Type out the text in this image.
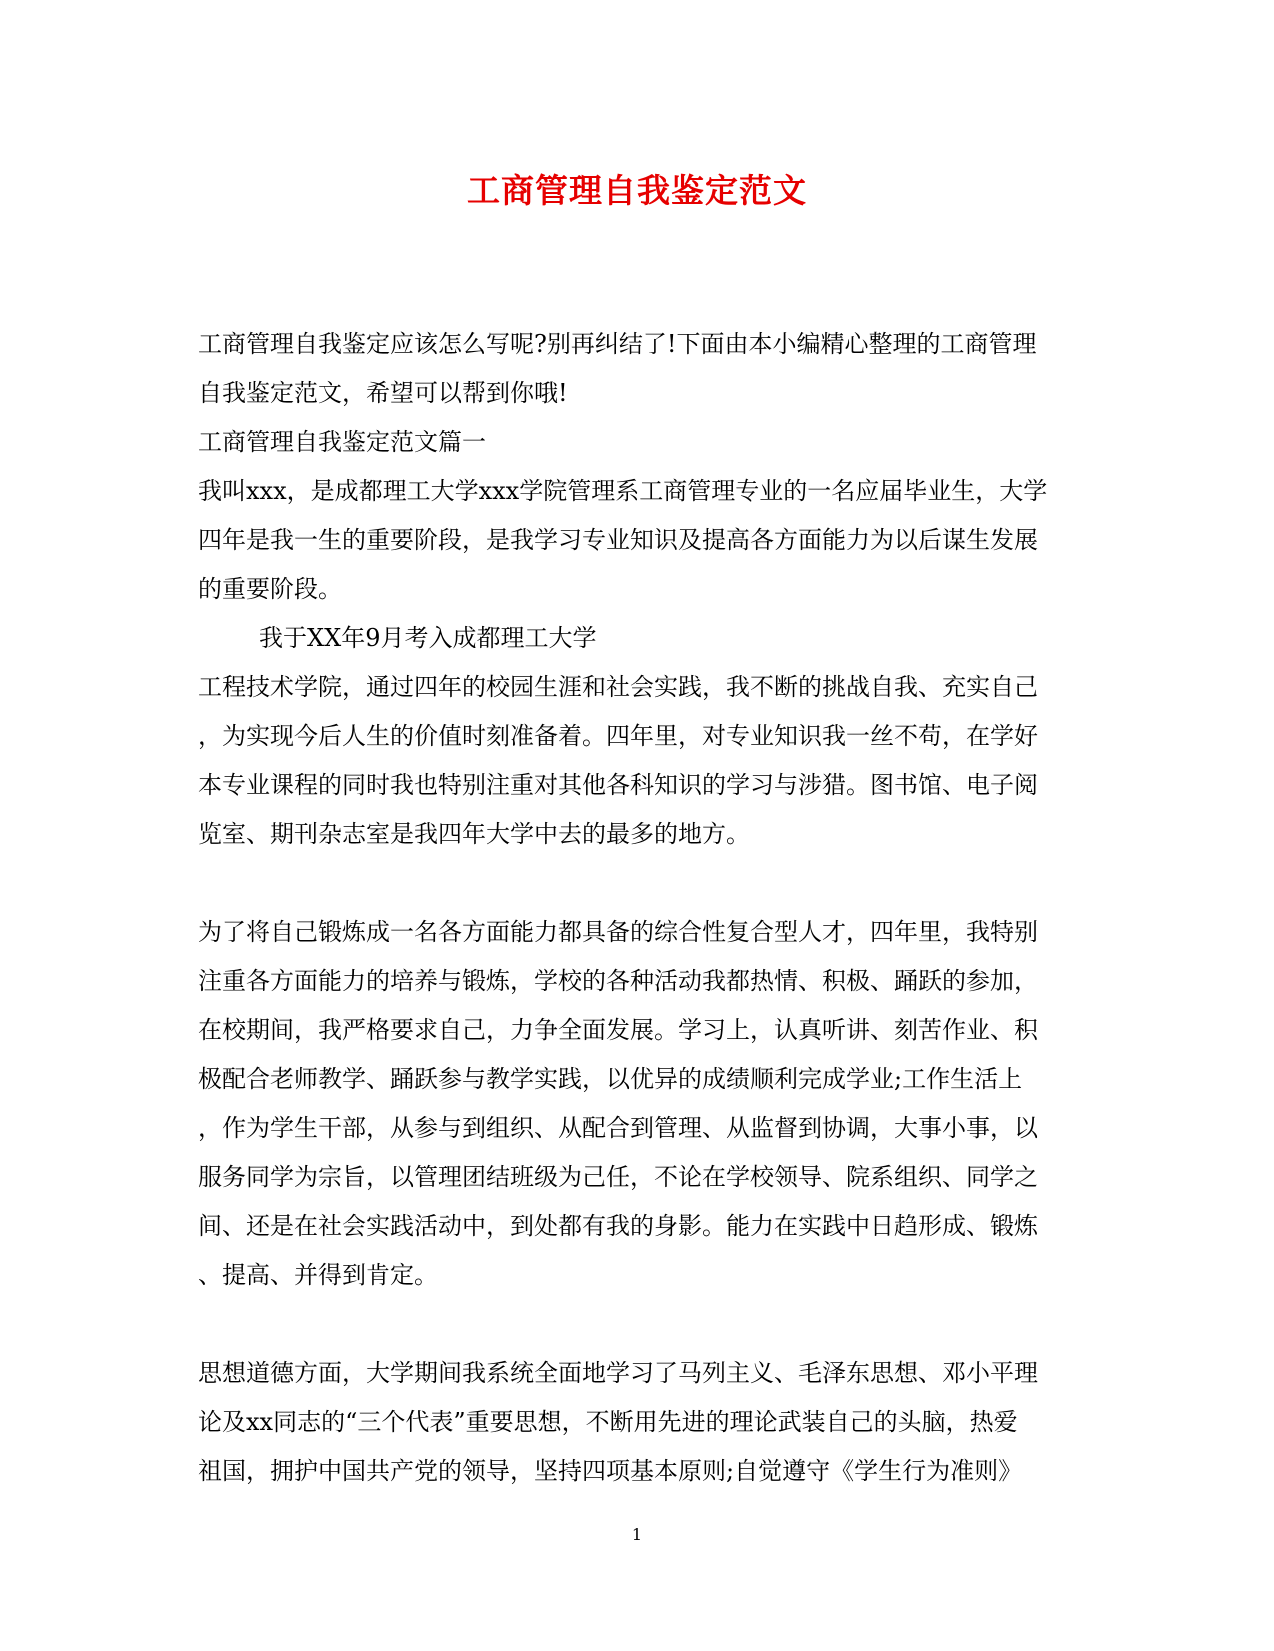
工商管理自我鉴定范文
工商管理自我鉴定应该怎么写呢?别再纠结了!下面由本小编精心整理的工商管理
自我鉴定范文，希望可以帮到你哦!
工商管理自我鉴定范文篇一
我叫xxx，是成都理工大学xxx学院管理系工商管理专业的一名应届毕业生，大学
四年是我一生的重要阶段，是我学习专业知识及提高各方面能力为以后谋生发展
的重要阶段。
我于XX年9月考入成都理工大学
工程技术学院，通过四年的校园生涯和社会实践，我不断的挑战自我、充实自己
，为实现今后人生的价值时刻准备着。四年里，对专业知识我一丝不苟，在学好
本专业课程的同时我也特别注重对其他各科知识的学习与涉猎。图书馆、电子阅
览室、期刊杂志室是我四年大学中去的最多的地方。
为了将自己锻炼成一名各方面能力都具备的综合性复合型人才，四年里，我特别
注重各方面能力的培养与锻炼，学校的各种活动我都热情、积极、踊跃的参加，
在校期间，我严格要求自己，力争全面发展。学习上，认真听讲、刻苦作业、积
极配合老师教学、踊跃参与教学实践，以优异的成绩顺利完成学业;工作生活上
，作为学生干部，从参与到组织、从配合到管理、从监督到协调，大事小事，以
服务同学为宗旨，以管理团结班级为己任，不论在学校领导、院系组织、同学之
间、还是在社会实践活动中，到处都有我的身影。能力在实践中日趋形成、锻炼
、提高、并得到肯定。
思想道德方面，大学期间我系统全面地学习了马列主义、毛泽东思想、邓小平理
论及xx同志的“三个代表”重要思想，不断用先进的理论武装自己的头脑，热爱
祖国，拥护中国共产党的领导，坚持四项基本原则;自觉遵守《学生行为准则》
1
